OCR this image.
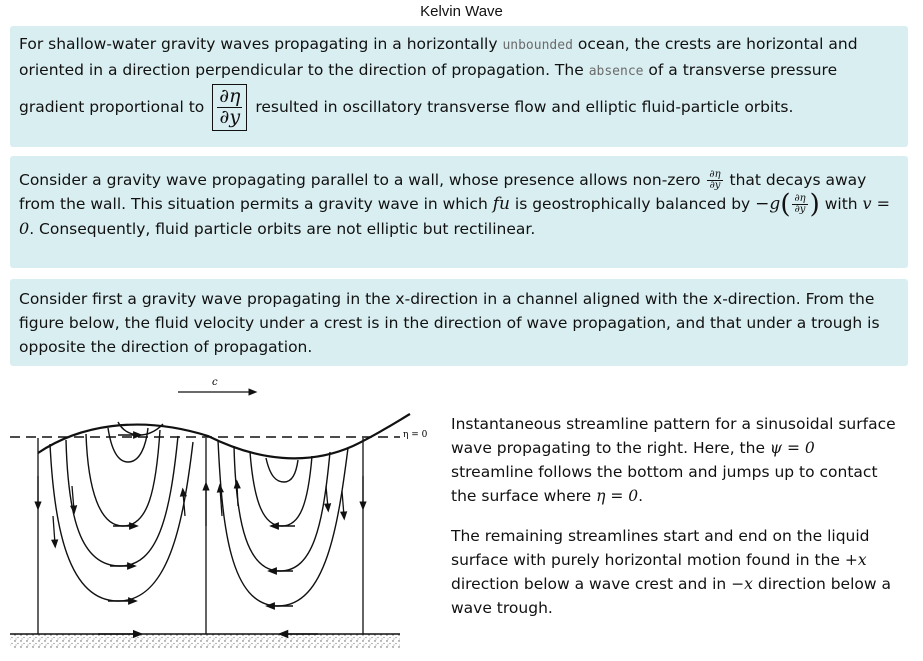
Kelvin Wave
For shallow-water gravity waves propagating in a horizontally unbounded ocean, the crests are horizontal and oriented in a direction perpendicular to the direction of propagation. The absence of a transverse pressure gradient proportional to $\frac{\partial\eta}{\partial y}$ resulted in oscillatory transverse flow and elliptic fluid-particle orbits.
Consider a gravity wave propagating parallel to a wall, whose presence allows non-zero $\frac{\partial\eta}{\partial y}$ that decays away from the wall. This situation permits a gravity wave in which fu is geostrophically balanced by $-g( \frac{\partial\eta}{\partial y}$ ) with v = 0. Consequently, fluid particle orbits are not elliptic but rectilinear.
Consider first a gravity wave propagating in the x-direction in a channel aligned with the x-direction. From the figure below, the fluid velocity under a crest is in the direction of wave propagation, and that under a trough is opposite the direction of propagation.
c
η = 0

Instantaneous streamline pattern for a sinusoidal surface wave propagating to the right. Here, the ψ = 0 streamline follows the bottom and jumps up to contact the surface where η = 0.

The remaining streamlines start and end on the liquid surface with purely horizontal motion found in the +x direction below a wave crest and in −x direction below a wave trough.
